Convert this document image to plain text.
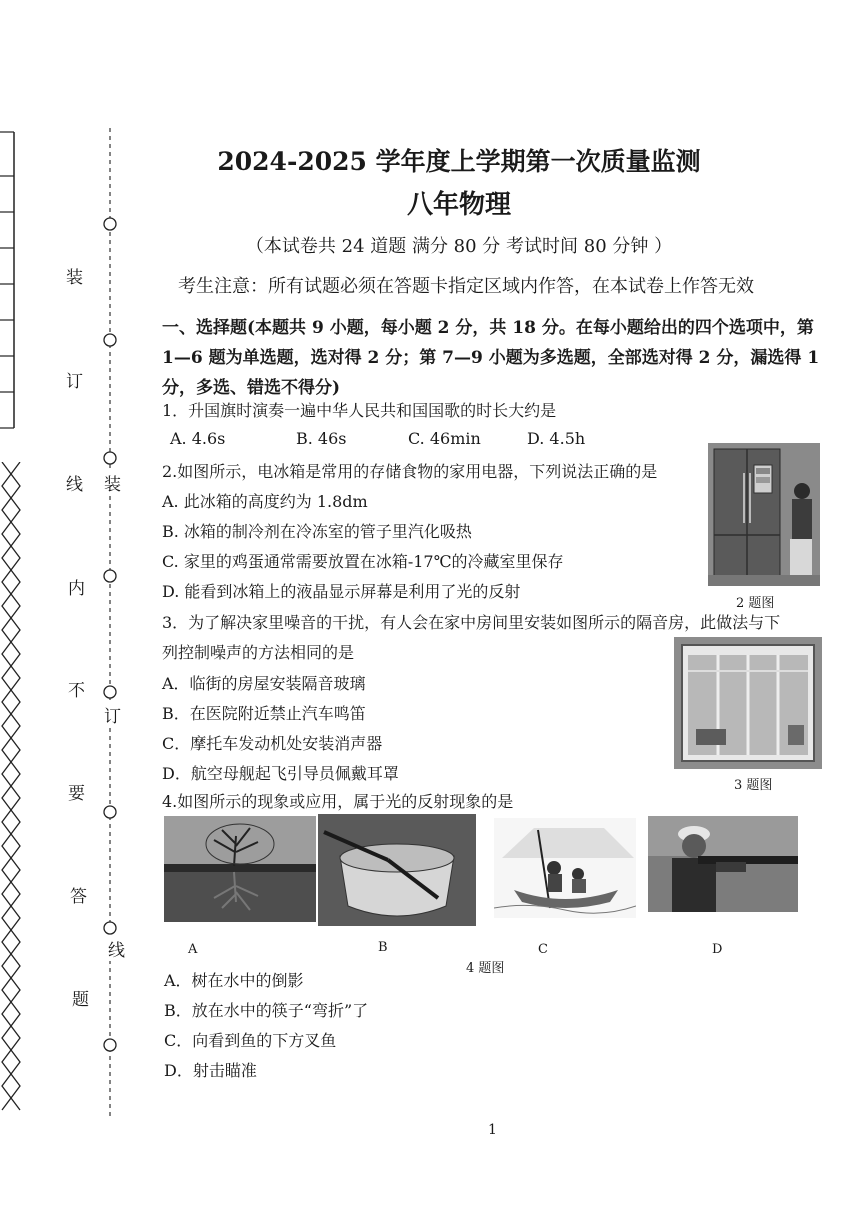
装
订
线
内
不
要
答
题
装
订
线
2024-2025 学年度上学期第一次质量监测
八年物理
（本试卷共 24 道题 满分 80 分 考试时间 80 分钟 ）
考生注意：所有试题必须在答题卡指定区域内作答，在本试卷上作答无效
一、选择题(本题共 9 小题，每小题 2 分，共 18 分。在每小题给出的四个选项中，第 1—6 题为单选题，选对得 2 分；第 7—9 小题为多选题，全部选对得 2 分，漏选得 1 分，多选、错选不得分)
1．升国旗时演奏一遍中华人民共和国国歌的时长大约是
A. 4.6s	B. 46s	C. 46min	D. 4.5h
2.如图所示，电冰箱是常用的存储食物的家用电器，下列说法正确的是
A. 此冰箱的高度约为 1.8dm
B. 冰箱的制冷剂在冷冻室的管子里汽化吸热
C. 家里的鸡蛋通常需要放置在冰箱-17℃的冷藏室里保存
D. 能看到冰箱上的液晶显示屏幕是利用了光的反射
2 题图
3．为了解决家里噪音的干扰，有人会在家中房间里安装如图所示的隔音房，此做法与下
列控制噪声的方法相同的是
A．临街的房屋安装隔音玻璃
B．在医院附近禁止汽车鸣笛
C．摩托车发动机处安装消声器
D．航空母舰起飞引导员佩戴耳罩
3 题图
4.如图所示的现象或应用，属于光的反射现象的是
A	B	C	D
4 题图
A．树在水中的倒影
B．放在水中的筷子“弯折”了
C．向看到鱼的下方叉鱼
D．射击瞄准
1
